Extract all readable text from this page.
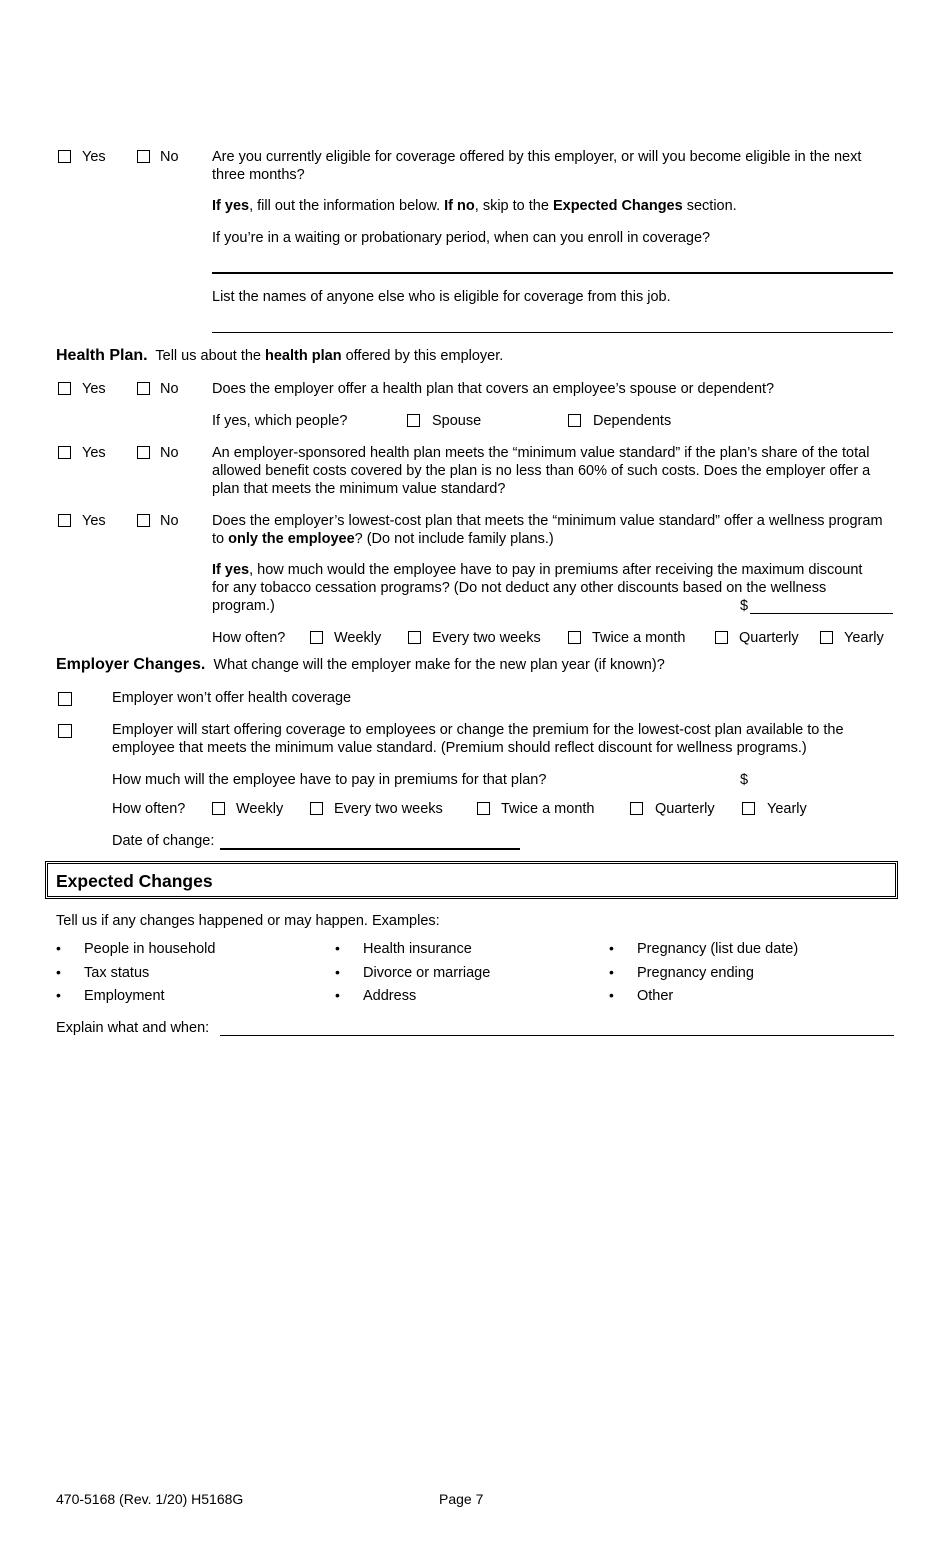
Yes	No Are you currently eligible for coverage offered by this employer, or will you become eligible in the next three months?
If yes, fill out the information below. If no, skip to the Expected Changes section.
If you’re in a waiting or probationary period, when can you enroll in coverage?
List the names of anyone else who is eligible for coverage from this job.
Health Plan. Tell us about the health plan offered by this employer.
Yes	No Does the employer offer a health plan that covers an employee’s spouse or dependent?
If yes, which people?	Spouse	Dependents
Yes	No An employer-sponsored health plan meets the “minimum value standard” if the plan’s share of the total allowed benefit costs covered by the plan is no less than 60% of such costs. Does the employer offer a plan that meets the minimum value standard?
Yes	No Does the employer’s lowest-cost plan that meets the “minimum value standard” offer a wellness program to only the employee? (Do not include family plans.)
If yes, how much would the employee have to pay in premiums after receiving the maximum discount for any tobacco cessation programs? (Do not deduct any other discounts based on the wellness program.)	$
How often?	Weekly	Every two weeks	Twice a month	Quarterly	Yearly
Employer Changes. What change will the employer make for the new plan year (if known)?
Employer won’t offer health coverage
Employer will start offering coverage to employees or change the premium for the lowest-cost plan available to the employee that meets the minimum value standard. (Premium should reflect discount for wellness programs.)
How much will the employee have to pay in premiums for that plan?	$
How often?	Weekly	Every two weeks	Twice a month	Quarterly	Yearly
Date of change:
Expected Changes
Tell us if any changes happened or may happen. Examples:
• People in household
• Tax status
• Employment
• Health insurance
• Divorce or marriage
• Address
• Pregnancy (list due date)
• Pregnancy ending
• Other
Explain what and when:
470-5168 (Rev. 1/20) H5168G	Page 7
